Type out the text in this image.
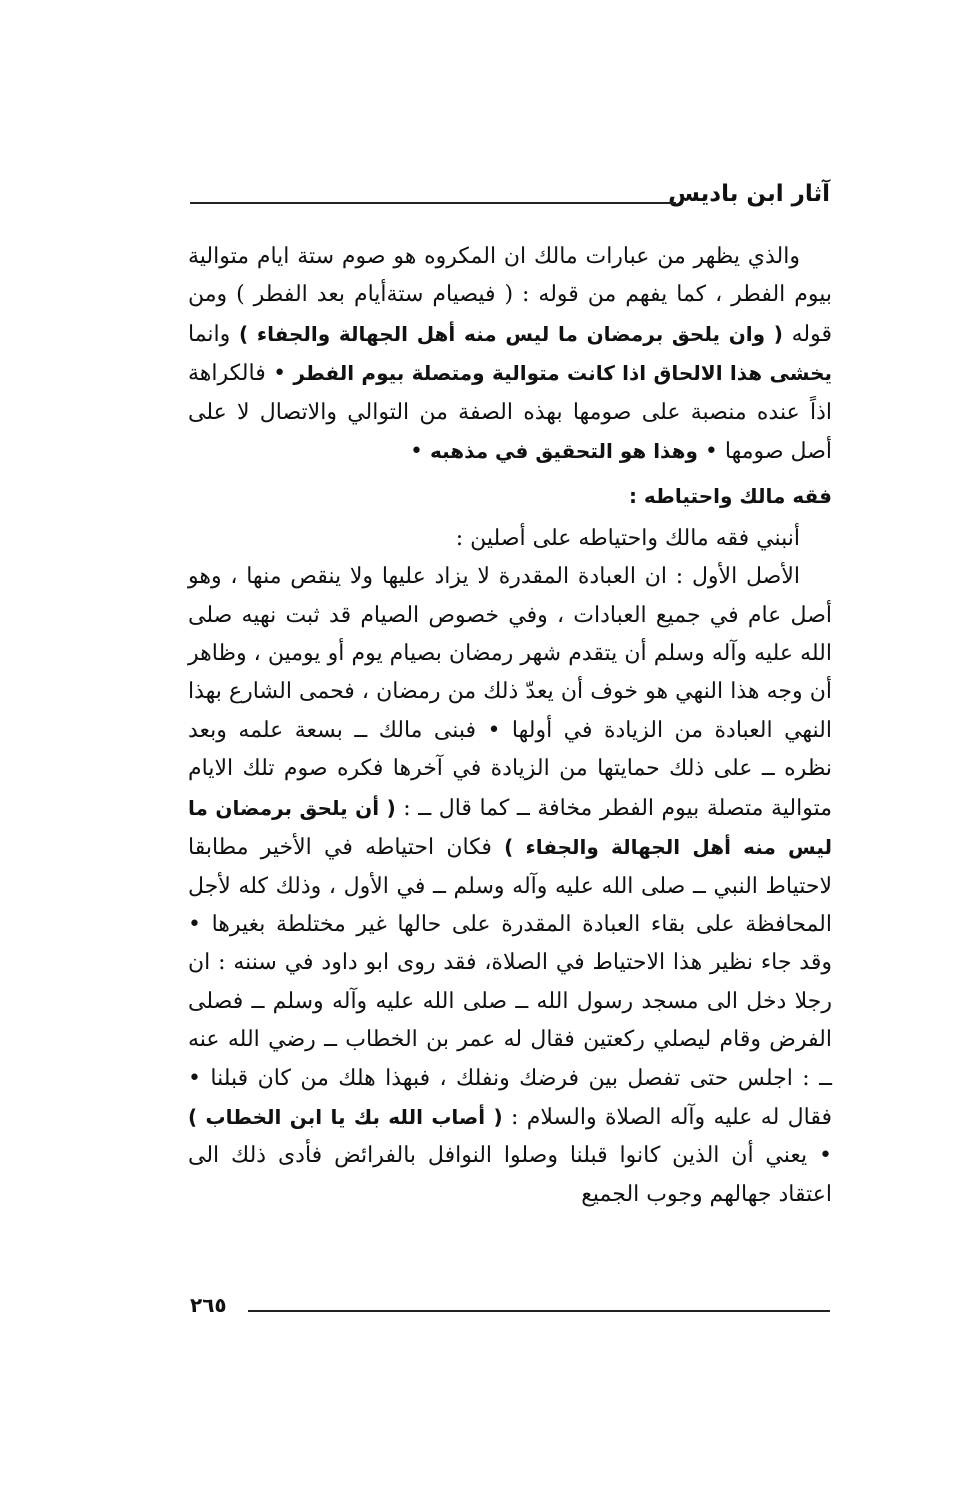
آثار ابن باديس

والذي يظهر من عبارات مالك ان المكروه هو صوم ستة ايام متوالية بيوم الفطر ، كما يفهم من قوله : ( فيصيام ستةأيام بعد الفطر ) ومن قوله ( وان يلحق برمضان ما ليس منه أهل الجهالة والجفاء ) وانما يخشى هذا الالحاق اذا كانت متوالية ومتصلة بيوم الفطر • فالكراهة اذاً عنده منصبة على صومها بهذه الصفة من التوالي والاتصال لا على أصل صومها • وهذا هو التحقيق في مذهبه •

فقه مالك واحتياطه :

أنبني فقه مالك واحتياطه على أصلين :

الأصل الأول : ان العبادة المقدرة لا يزاد عليها ولا ينقص منها ، وهو أصل عام في جميع العبادات ، وفي خصوص الصيام قد ثبت نهيه صلى الله عليه وآله وسلم أن يتقدم شهر رمضان بصيام يوم أو يومين ، وظاهر أن وجه هذا النهي هو خوف أن يعدّ ذلك من رمضان ، فحمى الشارع بهذا النهي العبادة من الزيادة في أولها • فبنى مالك ــ بسعة علمه وبعد نظره ــ على ذلك حمايتها من الزيادة في آخرها فكره صوم تلك الايام متوالية متصلة بيوم الفطر مخافة ــ كما قال ــ : ( أن يلحق برمضان ما ليس منه أهل الجهالة والجفاء ) فكان احتياطه في الأخير مطابقا لاحتياط النبي ــ صلى الله عليه وآله وسلم ــ في الأول ، وذلك كله لأجل المحافظة على بقاء العبادة المقدرة على حالها غير مختلطة بغيرها • وقد جاء نظير هذا الاحتياط في الصلاة، فقد روى ابو داود في سننه : ان رجلا دخل الى مسجد رسول الله ــ صلى الله عليه وآله وسلم ــ فصلى الفرض وقام ليصلي ركعتين فقال له عمر بن الخطاب ــ رضي الله عنه ــ : اجلس حتى تفصل بين فرضك ونفلك ، فبهذا هلك من كان قبلنا • فقال له عليه وآله الصلاة والسلام : ( أصاب الله بك يا ابن الخطاب ) • يعني أن الذين كانوا قبلنا وصلوا النوافل بالفرائض فأدى ذلك الى اعتقاد جهالهم وجوب الجميع

٢٦٥
